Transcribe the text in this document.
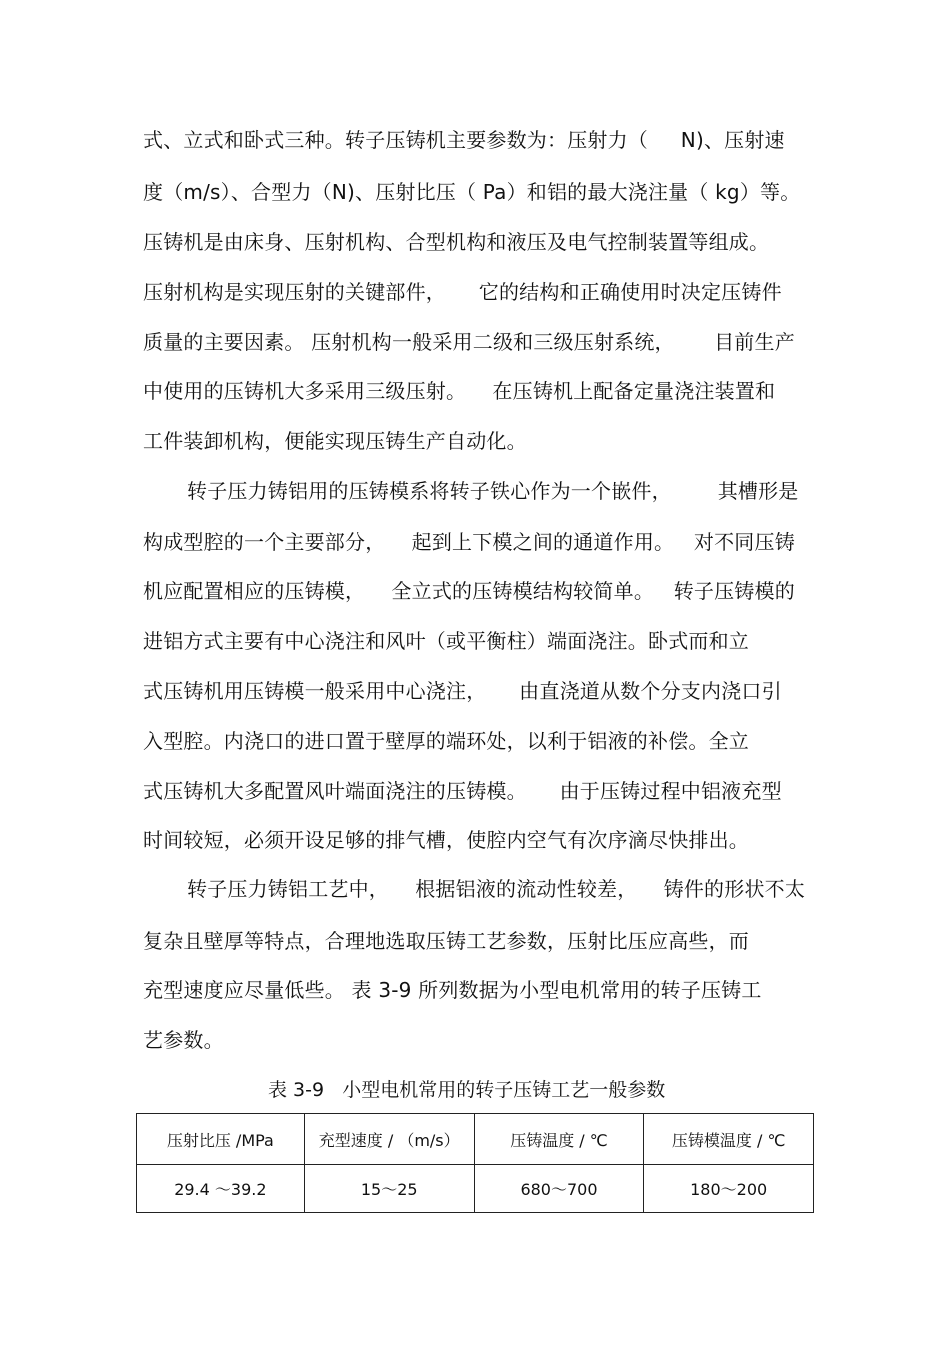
式、立式和卧式三种。转子压铸机主要参数为：压射力（     N)、压射速
度（m/s）、合型力（N)、压射比压（ Pa）和铝的最大浇注量（ kg）等。
压铸机是由床身、压射机构、合型机构和液压及电气控制装置等组成。
压射机构是实现压射的关键部件，     它的结构和正确使用时决定压铸件
质量的主要因素。 压射机构一般采用二级和三级压射系统，      目前生产
中使用的压铸机大多采用三级压射。    在压铸机上配备定量浇注装置和
工件装卸机构，便能实现压铸生产自动化。
转子压力铸铝用的压铸模系将转子铁心作为一个嵌件，       其槽形是
构成型腔的一个主要部分，    起到上下模之间的通道作用。   对不同压铸
机应配置相应的压铸模，    全立式的压铸模结构较简单。   转子压铸模的
进铝方式主要有中心浇注和风叶（或平衡柱）端面浇注。卧式而和立
式压铸机用压铸模一般采用中心浇注，     由直浇道从数个分支内浇口引
入型腔。内浇口的进口置于壁厚的端环处，以利于铝液的补偿。全立
式压铸机大多配置风叶端面浇注的压铸模。     由于压铸过程中铝液充型
时间较短，必须开设足够的排气槽，使腔内空气有次序滴尽快排出。
转子压力铸铝工艺中，    根据铝液的流动性较差，    铸件的形状不太
复杂且壁厚等特点，合理地选取压铸工艺参数，压射比压应高些，而
充型速度应尽量低些。 表 3-9 所列数据为小型电机常用的转子压铸工
艺参数。
表 3-9   小型电机常用的转子压铸工艺一般参数
压射比压 /MPa	充型速度 / （m/s）	压铸温度 / ℃	压铸模温度 / ℃
29.4 ～39.2	15～25	680～700	180～200
